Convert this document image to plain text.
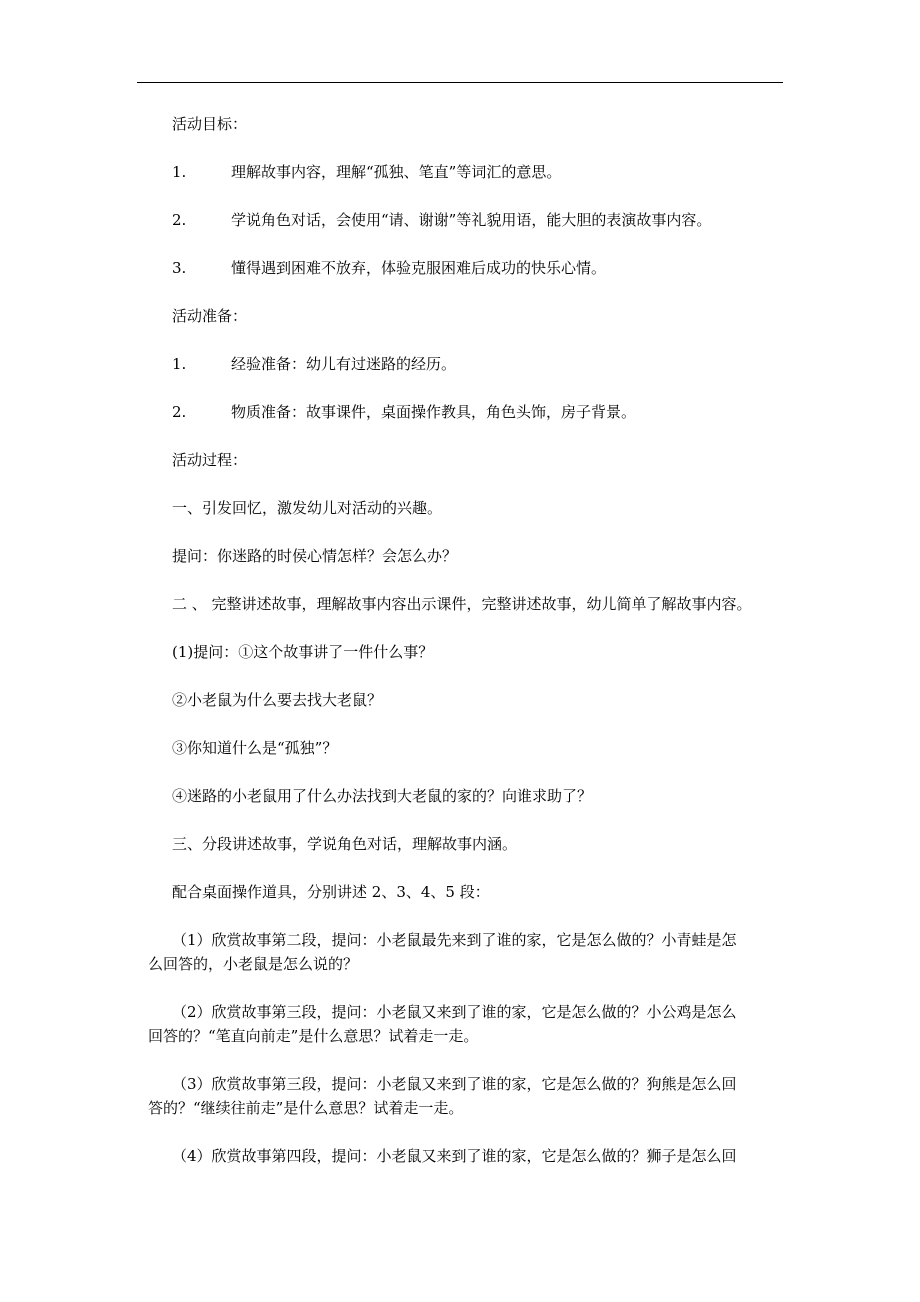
活动目标：

1.	理解故事内容，理解“孤独、笔直”等词汇的意思。

2.	学说角色对话，会使用“请、谢谢”等礼貌用语，能大胆的表演故事内容。

3.	懂得遇到困难不放弃，体验克服困难后成功的快乐心情。

活动准备：

1.	经验准备：幼儿有过迷路的经历。

2.	物质准备：故事课件，桌面操作教具，角色头饰，房子背景。

活动过程：

一、引发回忆，激发幼儿对活动的兴趣。

提问：你迷路的时侯心情怎样？会怎么办？

二 、 完整讲述故事，理解故事内容出示课件，完整讲述故事，幼儿简单了解故事内容。

(1)提问：①这个故事讲了一件什么事？

②小老鼠为什么要去找大老鼠？

③你知道什么是“孤独”？

④迷路的小老鼠用了什么办法找到大老鼠的家的？向谁求助了？

三、分段讲述故事，学说角色对话，理解故事内涵。

配合桌面操作道具，分别讲述 2、3、4、5 段：

（1）欣赏故事第二段，提问：小老鼠最先来到了谁的家，它是怎么做的？小青蛙是怎
么回答的，小老鼠是怎么说的？
（2）欣赏故事第三段，提问：小老鼠又来到了谁的家，它是怎么做的？小公鸡是怎么
回答的？“笔直向前走”是什么意思？试着走一走。
（3）欣赏故事第三段，提问：小老鼠又来到了谁的家，它是怎么做的？狗熊是怎么回
答的？“继续往前走”是什么意思？试着走一走。
（4）欣赏故事第四段，提问：小老鼠又来到了谁的家，它是怎么做的？狮子是怎么回
